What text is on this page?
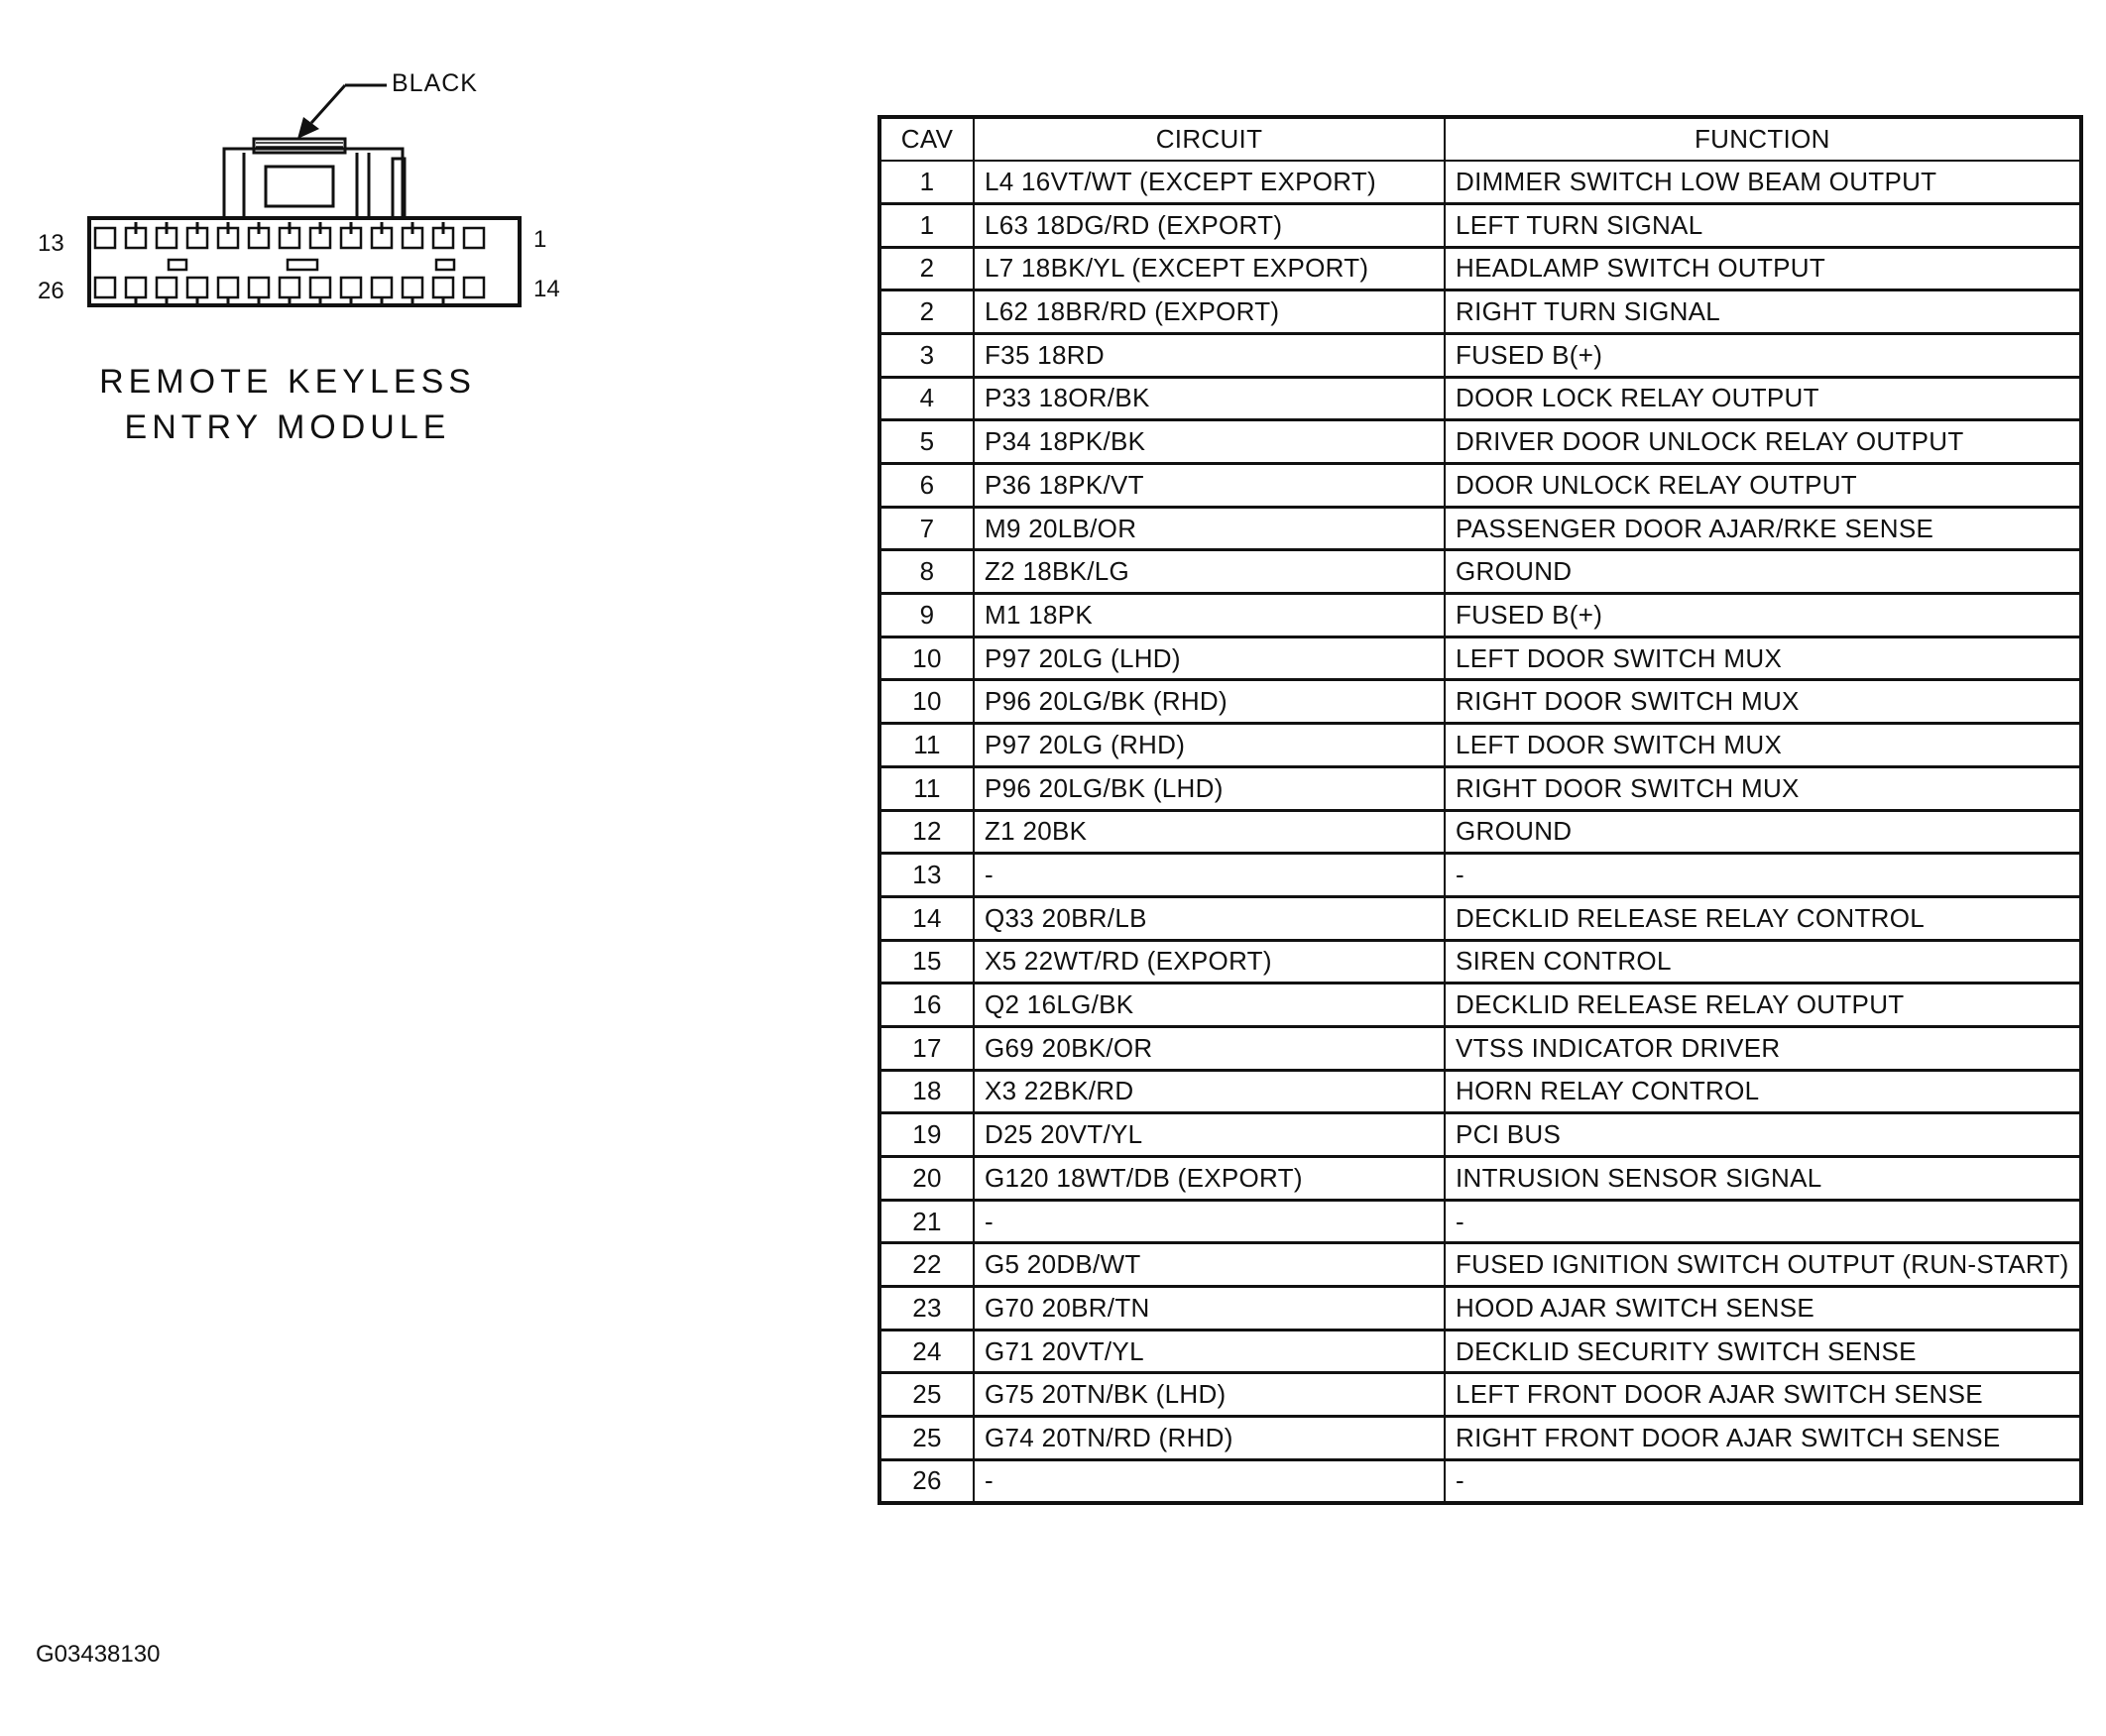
BLACK
13	1
26	14
REMOTE KEYLESS
ENTRY MODULE
G03438130
CAV	CIRCUIT	FUNCTION
1	L4 16VT/WT (EXCEPT EXPORT)	DIMMER SWITCH LOW BEAM OUTPUT
1	L63 18DG/RD (EXPORT)	LEFT TURN SIGNAL
2	L7 18BK/YL (EXCEPT EXPORT)	HEADLAMP SWITCH OUTPUT
2	L62 18BR/RD (EXPORT)	RIGHT TURN SIGNAL
3	F35 18RD	FUSED B(+)
4	P33 18OR/BK	DOOR LOCK RELAY OUTPUT
5	P34 18PK/BK	DRIVER DOOR UNLOCK RELAY OUTPUT
6	P36 18PK/VT	DOOR UNLOCK RELAY OUTPUT
7	M9 20LB/OR	PASSENGER DOOR AJAR/RKE SENSE
8	Z2 18BK/LG	GROUND
9	M1 18PK	FUSED B(+)
10	P97 20LG (LHD)	LEFT DOOR SWITCH MUX
10	P96 20LG/BK (RHD)	RIGHT DOOR SWITCH MUX
11	P97 20LG (RHD)	LEFT DOOR SWITCH MUX
11	P96 20LG/BK (LHD)	RIGHT DOOR SWITCH MUX
12	Z1 20BK	GROUND
13	-	-
14	Q33 20BR/LB	DECKLID RELEASE RELAY CONTROL
15	X5 22WT/RD (EXPORT)	SIREN CONTROL
16	Q2 16LG/BK	DECKLID RELEASE RELAY OUTPUT
17	G69 20BK/OR	VTSS INDICATOR DRIVER
18	X3 22BK/RD	HORN RELAY CONTROL
19	D25 20VT/YL	PCI BUS
20	G120 18WT/DB (EXPORT)	INTRUSION SENSOR SIGNAL
21	-	-
22	G5 20DB/WT	FUSED IGNITION SWITCH OUTPUT (RUN-START)
23	G70 20BR/TN	HOOD AJAR SWITCH SENSE
24	G71 20VT/YL	DECKLID SECURITY SWITCH SENSE
25	G75 20TN/BK (LHD)	LEFT FRONT DOOR AJAR SWITCH SENSE
25	G74 20TN/RD (RHD)	RIGHT FRONT DOOR AJAR SWITCH SENSE
26	-	-
